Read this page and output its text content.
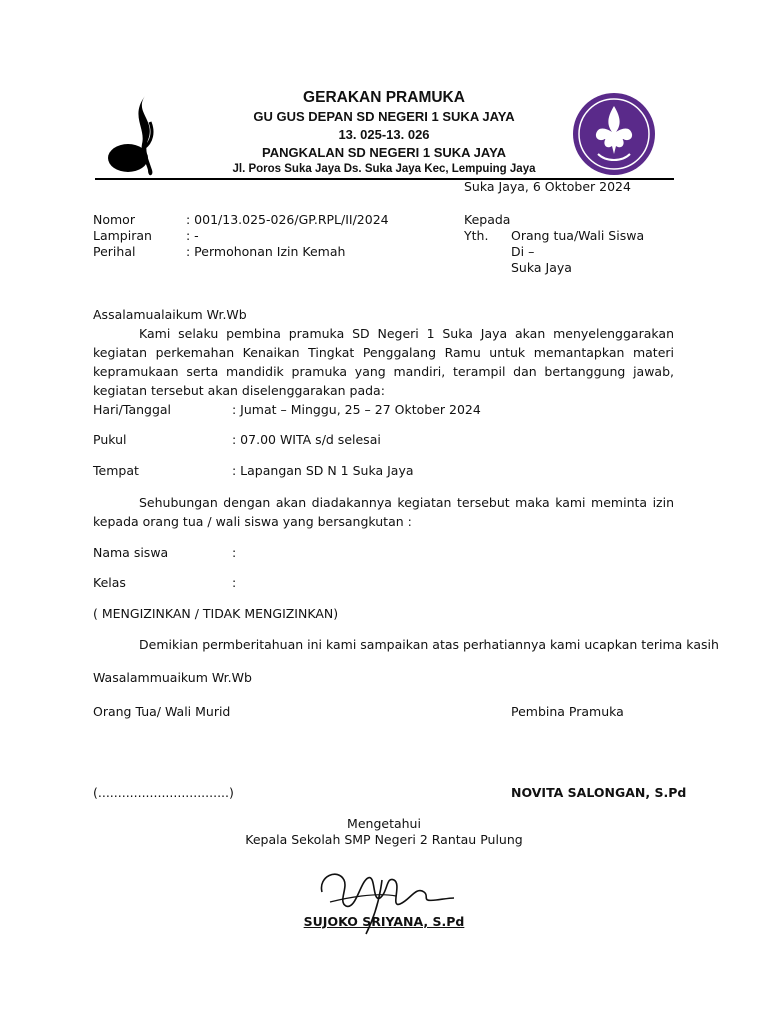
GERAKAN PRAMUKA
GU GUS DEPAN SD NEGERI 1 SUKA JAYA
13. 025-13. 026
PANGKALAN SD NEGERI 1 SUKA JAYA
Jl. Poros Suka Jaya Ds. Suka Jaya Kec, Lempuing Jaya
Suka Jaya, 6 Oktober 2024
Nomor	: 001/13.025-026/GP.RPL/II/2024
Lampiran	: -
Perihal	: Permohonan Izin Kemah
Kepada
Yth. Orang tua/Wali Siswa
Di –
Suka Jaya
Assalamualaikum Wr.Wb
Kami selaku pembina pramuka SD Negeri 1 Suka Jaya akan menyelenggarakan kegiatan perkemahan Kenaikan Tingkat Penggalang Ramu untuk memantapkan materi kepramukaan serta mandidik pramuka yang mandiri, terampil dan bertanggung jawab, kegiatan tersebut akan diselenggarakan pada:
Hari/Tanggal	: Jumat – Minggu, 25 – 27 Oktober 2024
Pukul	: 07.00 WITA s/d selesai
Tempat	: Lapangan SD N 1 Suka Jaya
Sehubungan dengan akan diadakannya kegiatan tersebut maka kami meminta izin kepada orang tua / wali siswa yang bersangkutan :
Nama siswa	:
Kelas	:
( MENGIZINKAN / TIDAK MENGIZINKAN)
Demikian permberitahuan ini kami sampaikan atas perhatiannya kami ucapkan terima kasih
Wasalammuaikum Wr.Wb
Orang Tua/ Wali Murid	Pembina Pramuka
(.................................)	NOVITA SALONGAN, S.Pd
Mengetahui
Kepala Sekolah SMP Negeri 2 Rantau Pulung
SUJOKO SRIYANA, S.Pd
